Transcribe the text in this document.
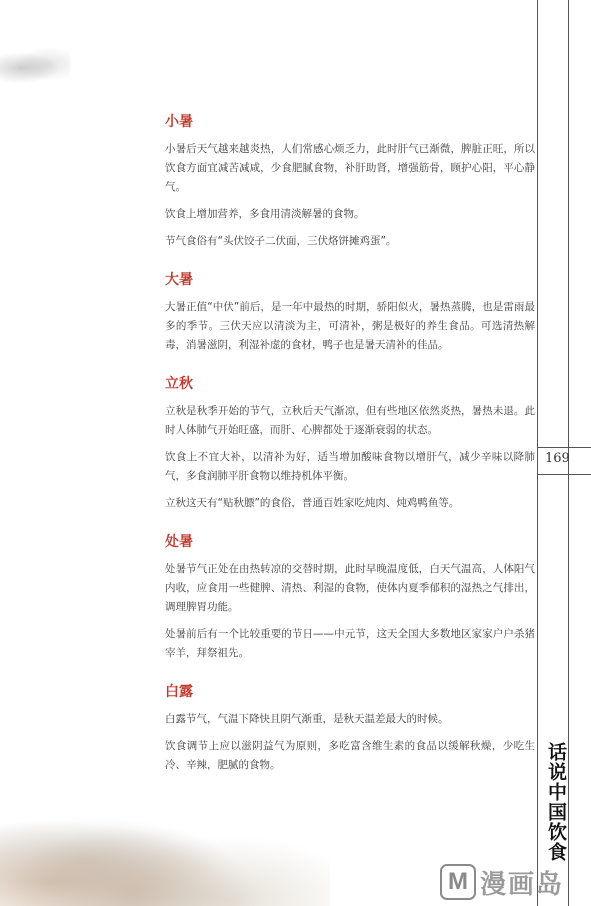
169
话说中国饮食
小暑

小暑后天气越来越炎热，人们常感心烦乏力，此时肝气已渐微，脾脏正旺，所以饮食方面宜减苦减咸，少食肥腻食物，补肝助肾，增强筋骨，顾护心阳，平心静气。

饮食上增加营养，多食用清淡解暑的食物。

节气食俗有“头伏饺子二伏面，三伏烙饼摊鸡蛋”。

大暑

大暑正值“中伏”前后，是一年中最热的时期，骄阳似火，暑热蒸腾，也是雷雨最多的季节。三伏天应以清淡为主，可清补，粥是极好的养生食品。可选清热解毒，消暑滋阴，利湿补虚的食材，鸭子也是暑天清补的佳品。

立秋

立秋是秋季开始的节气，立秋后天气渐凉，但有些地区依然炎热，暑热未退。此时人体肺气开始旺盛，而肝、心脾都处于逐渐衰弱的状态。

饮食上不宜大补，以清补为好，适当增加酸味食物以增肝气，减少辛味以降肺气，多食润肺平肝食物以维持机体平衡。

立秋这天有“贴秋膘”的食俗，普通百姓家吃炖肉、炖鸡鸭鱼等。

处暑

处暑节气正处在由热转凉的交替时期，此时早晚温度低，白天气温高，人体阳气内收，应食用一些健脾、清热、利湿的食物，使体内夏季郁积的湿热之气排出，调理脾胃功能。

处暑前后有一个比较重要的节日——中元节，这天全国大多数地区家家户户杀猪宰羊，拜祭祖先。

白露

白露节气，气温下降快且阴气渐重，是秋天温差最大的时候。

饮食调节上应以滋阴益气为原则，多吃富含维生素的食品以缓解秋燥，少吃生冷、辛辣，肥腻的食物。

M 漫画岛
